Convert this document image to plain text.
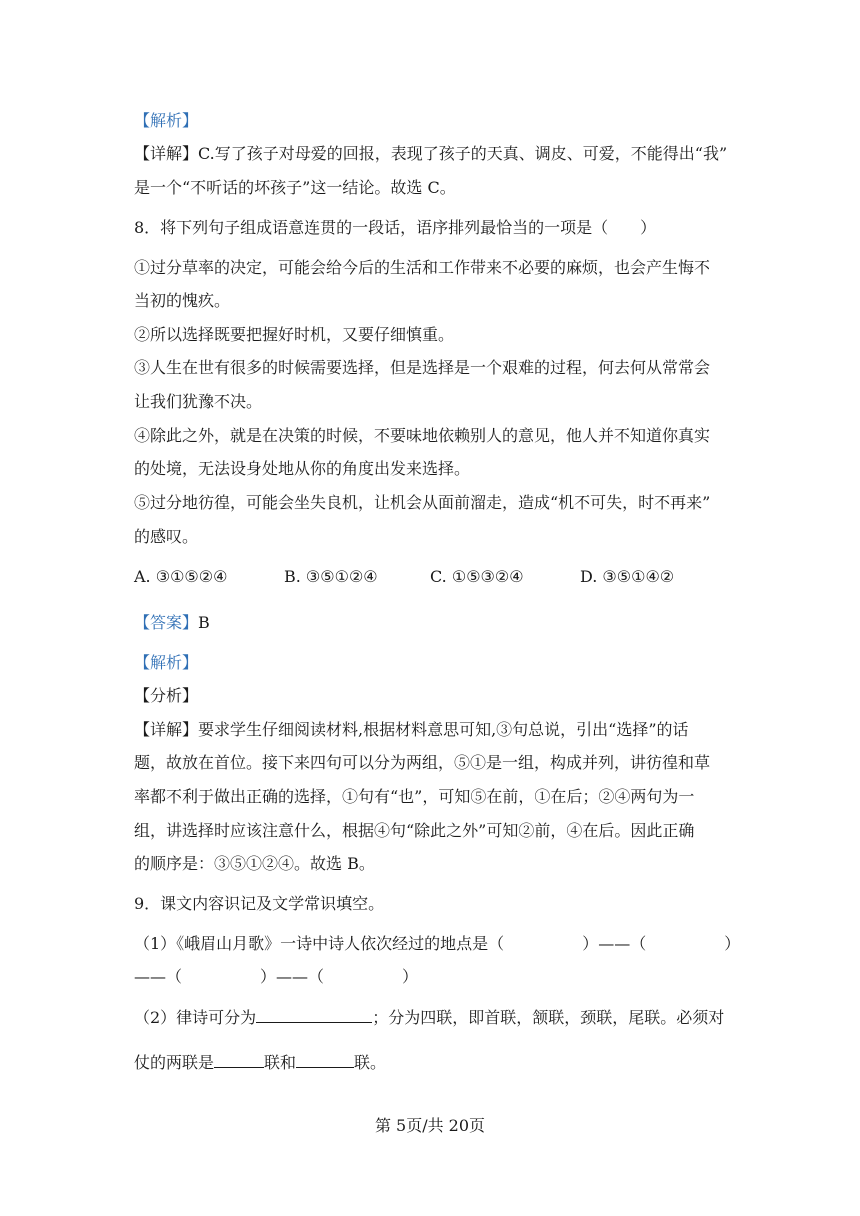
【解析】
【详解】C.写了孩子对母爱的回报，表现了孩子的天真、调皮、可爱，不能得出“我”
是一个“不听话的坏孩子”这一结论。故选 C。
8．将下列句子组成语意连贯的一段话，语序排列最恰当的一项是（　　）
①过分草率的决定，可能会给今后的生活和工作带来不必要的麻烦，也会产生悔不
当初的愧疚。
②所以选择既要把握好时机，又要仔细慎重。
③人生在世有很多的时候需要选择，但是选择是一个艰难的过程，何去何从常常会
让我们犹豫不决。
④除此之外，就是在决策的时候，不要味地依赖别人的意见，他人并不知道你真实
的处境，无法设身处地从你的角度出发来选择。
⑤过分地彷徨，可能会坐失良机，让机会从面前溜走，造成“机不可失，时不再来”
的感叹。
A. ③①⑤②④	B. ③⑤①②④	C. ①⑤③②④	D. ③⑤①④②
【答案】B
【解析】
【分析】
【详解】要求学生仔细阅读材料,根据材料意思可知,③句总说，引出“选择”的话
题，故放在首位。接下来四句可以分为两组，⑤①是一组，构成并列，讲彷徨和草
率都不利于做出正确的选择，①句有“也”，可知⑤在前，①在后；②④两句为一
组，讲选择时应该注意什么，根据④句“除此之外”可知②前，④在后。因此正确
的顺序是：③⑤①②④。故选 B。
9．课文内容识记及文学常识填空。
（1）《峨眉山月歌》一诗中诗人依次经过的地点是（	）——（	）
——（	）——（	）
（2）律诗可分为	；分为四联，即首联，颔联，颈联，尾联。必须对
仗的两联是	联和	联。
第 5页/共 20页
